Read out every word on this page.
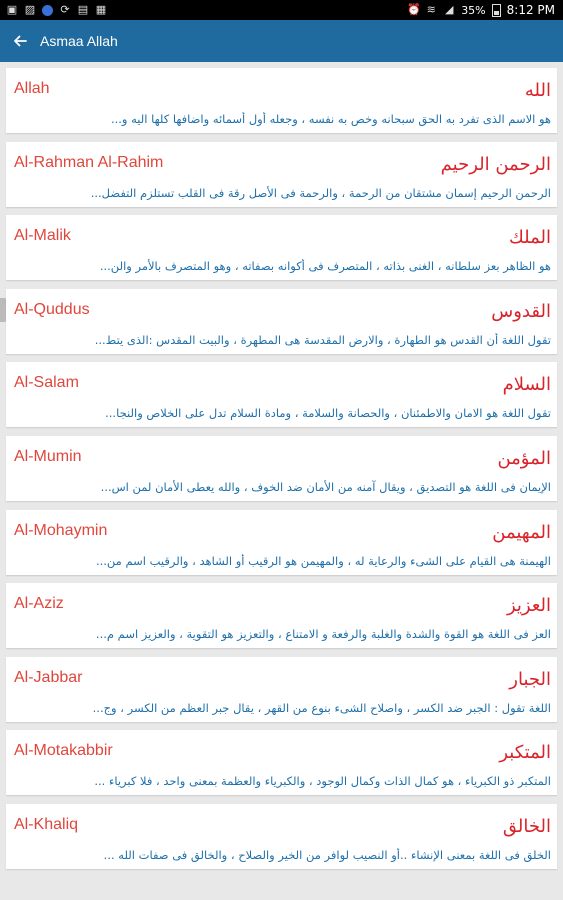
▣ ▨ ⟳ ▤ ▦	⏰ ≋ ◢ 35% 8:12 PM
Asmaa Allah
Allah	الله
هو الاسم الذى تفرد به الحق سبحانه وخص به نفسه ، وجعله أول أسمائه واضافها كلها اليه و...
Al-Rahman Al-Rahim	الرحمن الرحيم
الرحمن الرحيم إسمان مشتقان من الرحمة ، والرحمة فى الأصل رقة فى القلب تستلزم التفضل...
Al-Malik	الملك
هو الظاهر بعز سلطانه ، الغنى بذاته ، المتصرف فى أكوانه بصفاته ، وهو المتصرف بالأمر والن...
Al-Quddus	القدوس
تقول اللغة أن القدس هو الطهارة ، والارض المقدسة هى المطهرة ، والبيت المقدس :الذى يتط...
Al-Salam	السلام
تقول اللغة هو الامان والاطمئنان ، والحصانة والسلامة ، ومادة السلام تدل على الخلاص والنجا...
Al-Mumin	المؤمن
الإيمان فى اللغة هو التصديق ، ويقال آمنه من الأمان ضد الخوف ، والله يعطى الأمان لمن اس...
Al-Mohaymin	المهيمن
الهيمنة هى القيام على الشىء والرعاية له ، والمهيمن هو الرقيب أو الشاهد ، والرقيب اسم من...
Al-Aziz	العزيز
العز فى اللغة هو القوة والشدة والغلبة والرفعة و الامتناع ، والتعزيز هو التقوية ، والعزيز اسم م...
Al-Jabbar	الجبار
اللغة تقول : الجبر ضد الكسر ، واصلاح الشىء بنوع من القهر ، يقال جبر العظم من الكسر ، وج...
Al-Motakabbir	المتكبر
المتكبر ذو الكبرياء ، هو كمال الذات وكمال الوجود ، والكبرياء والعظمة بمعنى واحد ، فلا كبرياء ...
Al-Khaliq	الخالق
الخلق فى اللغة بمعنى الإنشاء ..أو النصيب لوافر من الخير والصلاح ، والخالق فى صفات الله ...
